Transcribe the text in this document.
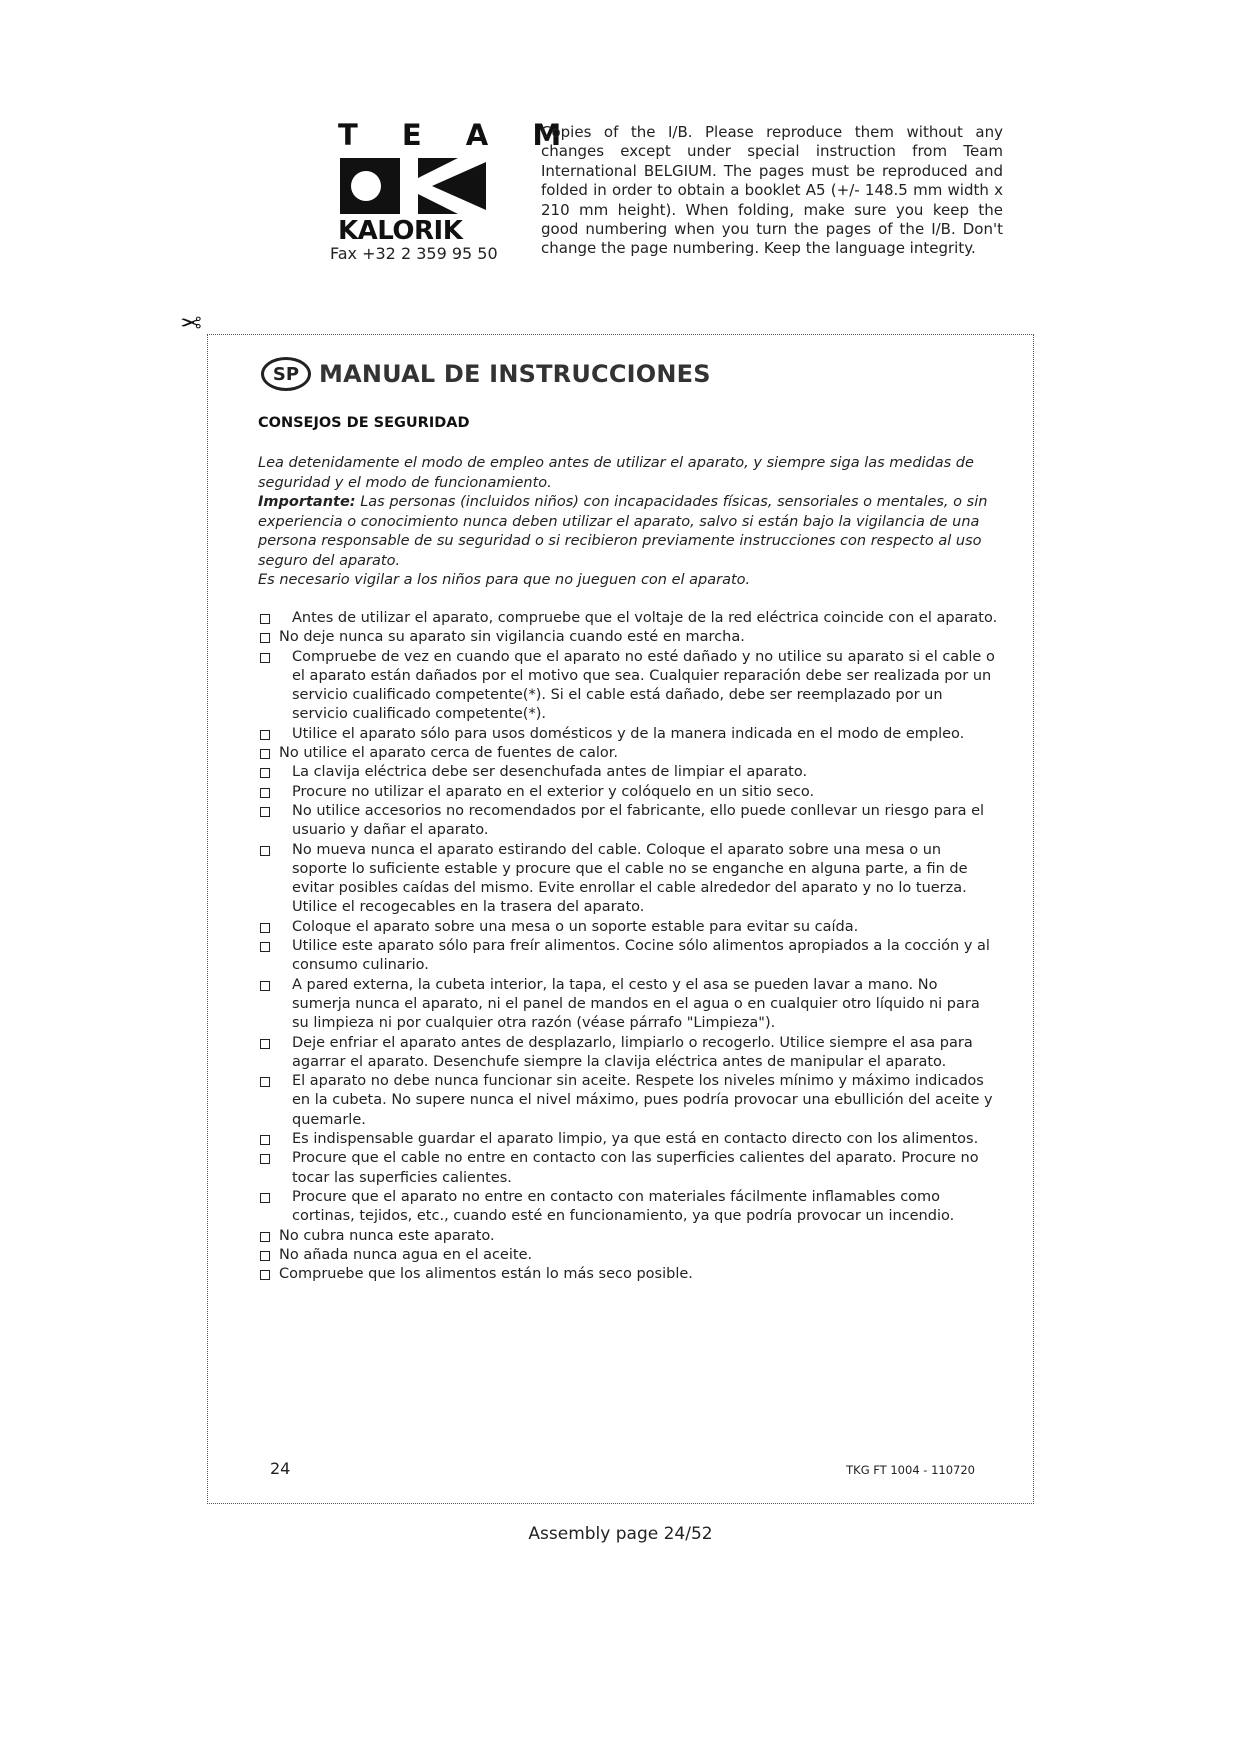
T E A M
KALORIK
Fax +32 2 359 95 50
Copies of the I/B. Please reproduce them without any changes except under special instruction from Team International BELGIUM. The pages must be reproduced and folded in order to obtain a booklet A5 (+/- 148.5 mm width x 210 mm height). When folding, make sure you keep the good numbering when you turn the pages of the I/B. Don't change the page numbering. Keep the language integrity.
✂
SP MANUAL DE INSTRUCCIONES
CONSEJOS DE SEGURIDAD

Lea detenidamente el modo de empleo antes de utilizar el aparato, y siempre siga las medidas de seguridad y el modo de funcionamiento.

Importante: Las personas (incluidos niños) con incapacidades físicas, sensoriales o mentales, o sin experiencia o conocimiento nunca deben utilizar el aparato, salvo si están bajo la vigilancia de una persona responsable de su seguridad o si recibieron previamente instrucciones con respecto al uso seguro del aparato.

Es necesario vigilar a los niños para que no jueguen con el aparato.

Antes de utilizar el aparato, compruebe que el voltaje de la red eléctrica coincide con el aparato.
No deje nunca su aparato sin vigilancia cuando esté en marcha.
Compruebe de vez en cuando que el aparato no esté dañado y no utilice su aparato si el cable o el aparato están dañados por el motivo que sea. Cualquier reparación debe ser realizada por un servicio cualificado competente(*). Si el cable está dañado, debe ser reemplazado por un servicio cualificado competente(*).
Utilice el aparato sólo para usos domésticos y de la manera indicada en el modo de empleo.
No utilice el aparato cerca de fuentes de calor.
La clavija eléctrica debe ser desenchufada antes de limpiar el aparato.
Procure no utilizar el aparato en el exterior y colóquelo en un sitio seco.
No utilice accesorios no recomendados por el fabricante, ello puede conllevar un riesgo para el usuario y dañar el aparato.
No mueva nunca el aparato estirando del cable. Coloque el aparato sobre una mesa o un soporte lo suficiente estable y procure que el cable no se enganche en alguna parte, a fin de evitar posibles caídas del mismo. Evite enrollar el cable alrededor del aparato y no lo tuerza. Utilice el recogecables en la trasera del aparato.
Coloque el aparato sobre una mesa o un soporte estable para evitar su caída.
Utilice este aparato sólo para freír alimentos. Cocine sólo alimentos apropiados a la cocción y al consumo culinario.
A pared externa, la cubeta interior, la tapa, el cesto y el asa se pueden lavar a mano. No sumerja nunca el aparato, ni el panel de mandos en el agua o en cualquier otro líquido ni para su limpieza ni por cualquier otra razón (véase párrafo "Limpieza").
Deje enfriar el aparato antes de desplazarlo, limpiarlo o recogerlo. Utilice siempre el asa para agarrar el aparato. Desenchufe siempre la clavija eléctrica antes de manipular el aparato.
El aparato no debe nunca funcionar sin aceite. Respete los niveles mínimo y máximo indicados en la cubeta. No supere nunca el nivel máximo, pues podría provocar una ebullición del aceite y quemarle.
Es indispensable guardar el aparato limpio, ya que está en contacto directo con los alimentos.
Procure que el cable no entre en contacto con las superficies calientes del aparato. Procure no tocar las superficies calientes.
Procure que el aparato no entre en contacto con materiales fácilmente inflamables como cortinas, tejidos, etc., cuando esté en funcionamiento, ya que podría provocar un incendio.
No cubra nunca este aparato.
No añada nunca agua en el aceite.
Compruebe que los alimentos están lo más seco posible.
24	TKG FT 1004 - 110720
Assembly page 24/52
